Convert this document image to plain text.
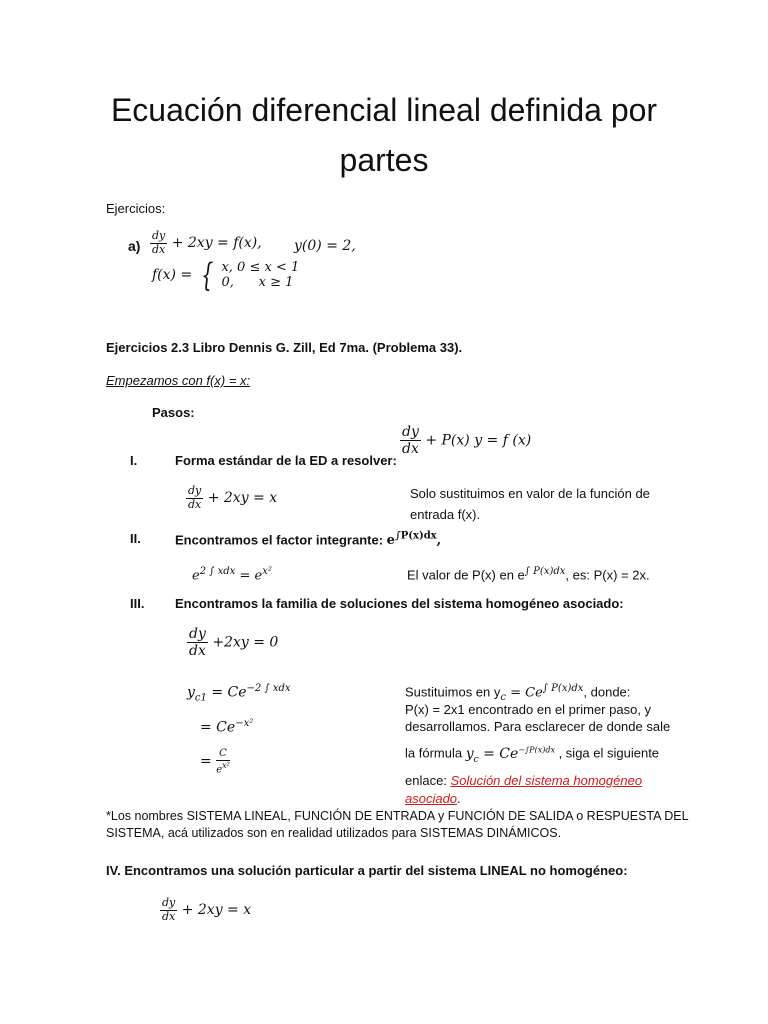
Ecuación diferencial lineal definida por
partes
Ejercicios:
$a) \frac{dy}{dx} + 2xy = f(x)$, y(0) = 2,
f(x) = { x, 0 ≤ x < 1
0,      x ≥ 1
Ejercicios 2.3 Libro Dennis G. Zill, Ed 7ma. (Problema 33).
Empezamos con f(x) = x:
Pasos:
I.	Forma estándar de la ED a resolver:
$\frac{dy}{dx} + P(x) y = f$ (x)
$\frac{dy}{dx} + 2xy = x$	Solo sustituimos en valor de la función de
entrada f(x).
II.	Encontramos el factor integrante: $e^{\int P(x)dx}$,
$e^{2 \int xdx} = e^{x^2}$	El valor de P(x) en $e^{\int P(x)dx}$, es: P(x) = 2x.
III. Encontramos la familia de soluciones del sistema homogéneo asociado:
$\frac{dy}{dx} +2xy = 0$
$y_{c1} = Ce^{-2 \int xdx}$
= $Ce^{-x^2}$
= $\frac{C}{e^{x^2}}$
Sustituimos en $y_c = Ce^{\int P(x)dx}$, donde:
P(x) = 2x1 encontrado en el primer paso, y
desarrollamos. Para esclarecer de donde sale
la fórmula $y_c = Ce^{-\int P(x)dx}$ , siga el siguiente
enlace: Solución del sistema homogéneo
asociado.
*Los nombres SISTEMA LINEAL, FUNCIÓN DE ENTRADA y FUNCIÓN DE SALIDA o RESPUESTA DEL
SISTEMA, acá utilizados son en realidad utilizados para SISTEMAS DINÁMICOS.
IV. Encontramos una solución particular a partir del sistema LINEAL no homogéneo:
$\frac{dy}{dx} + 2xy = x$
